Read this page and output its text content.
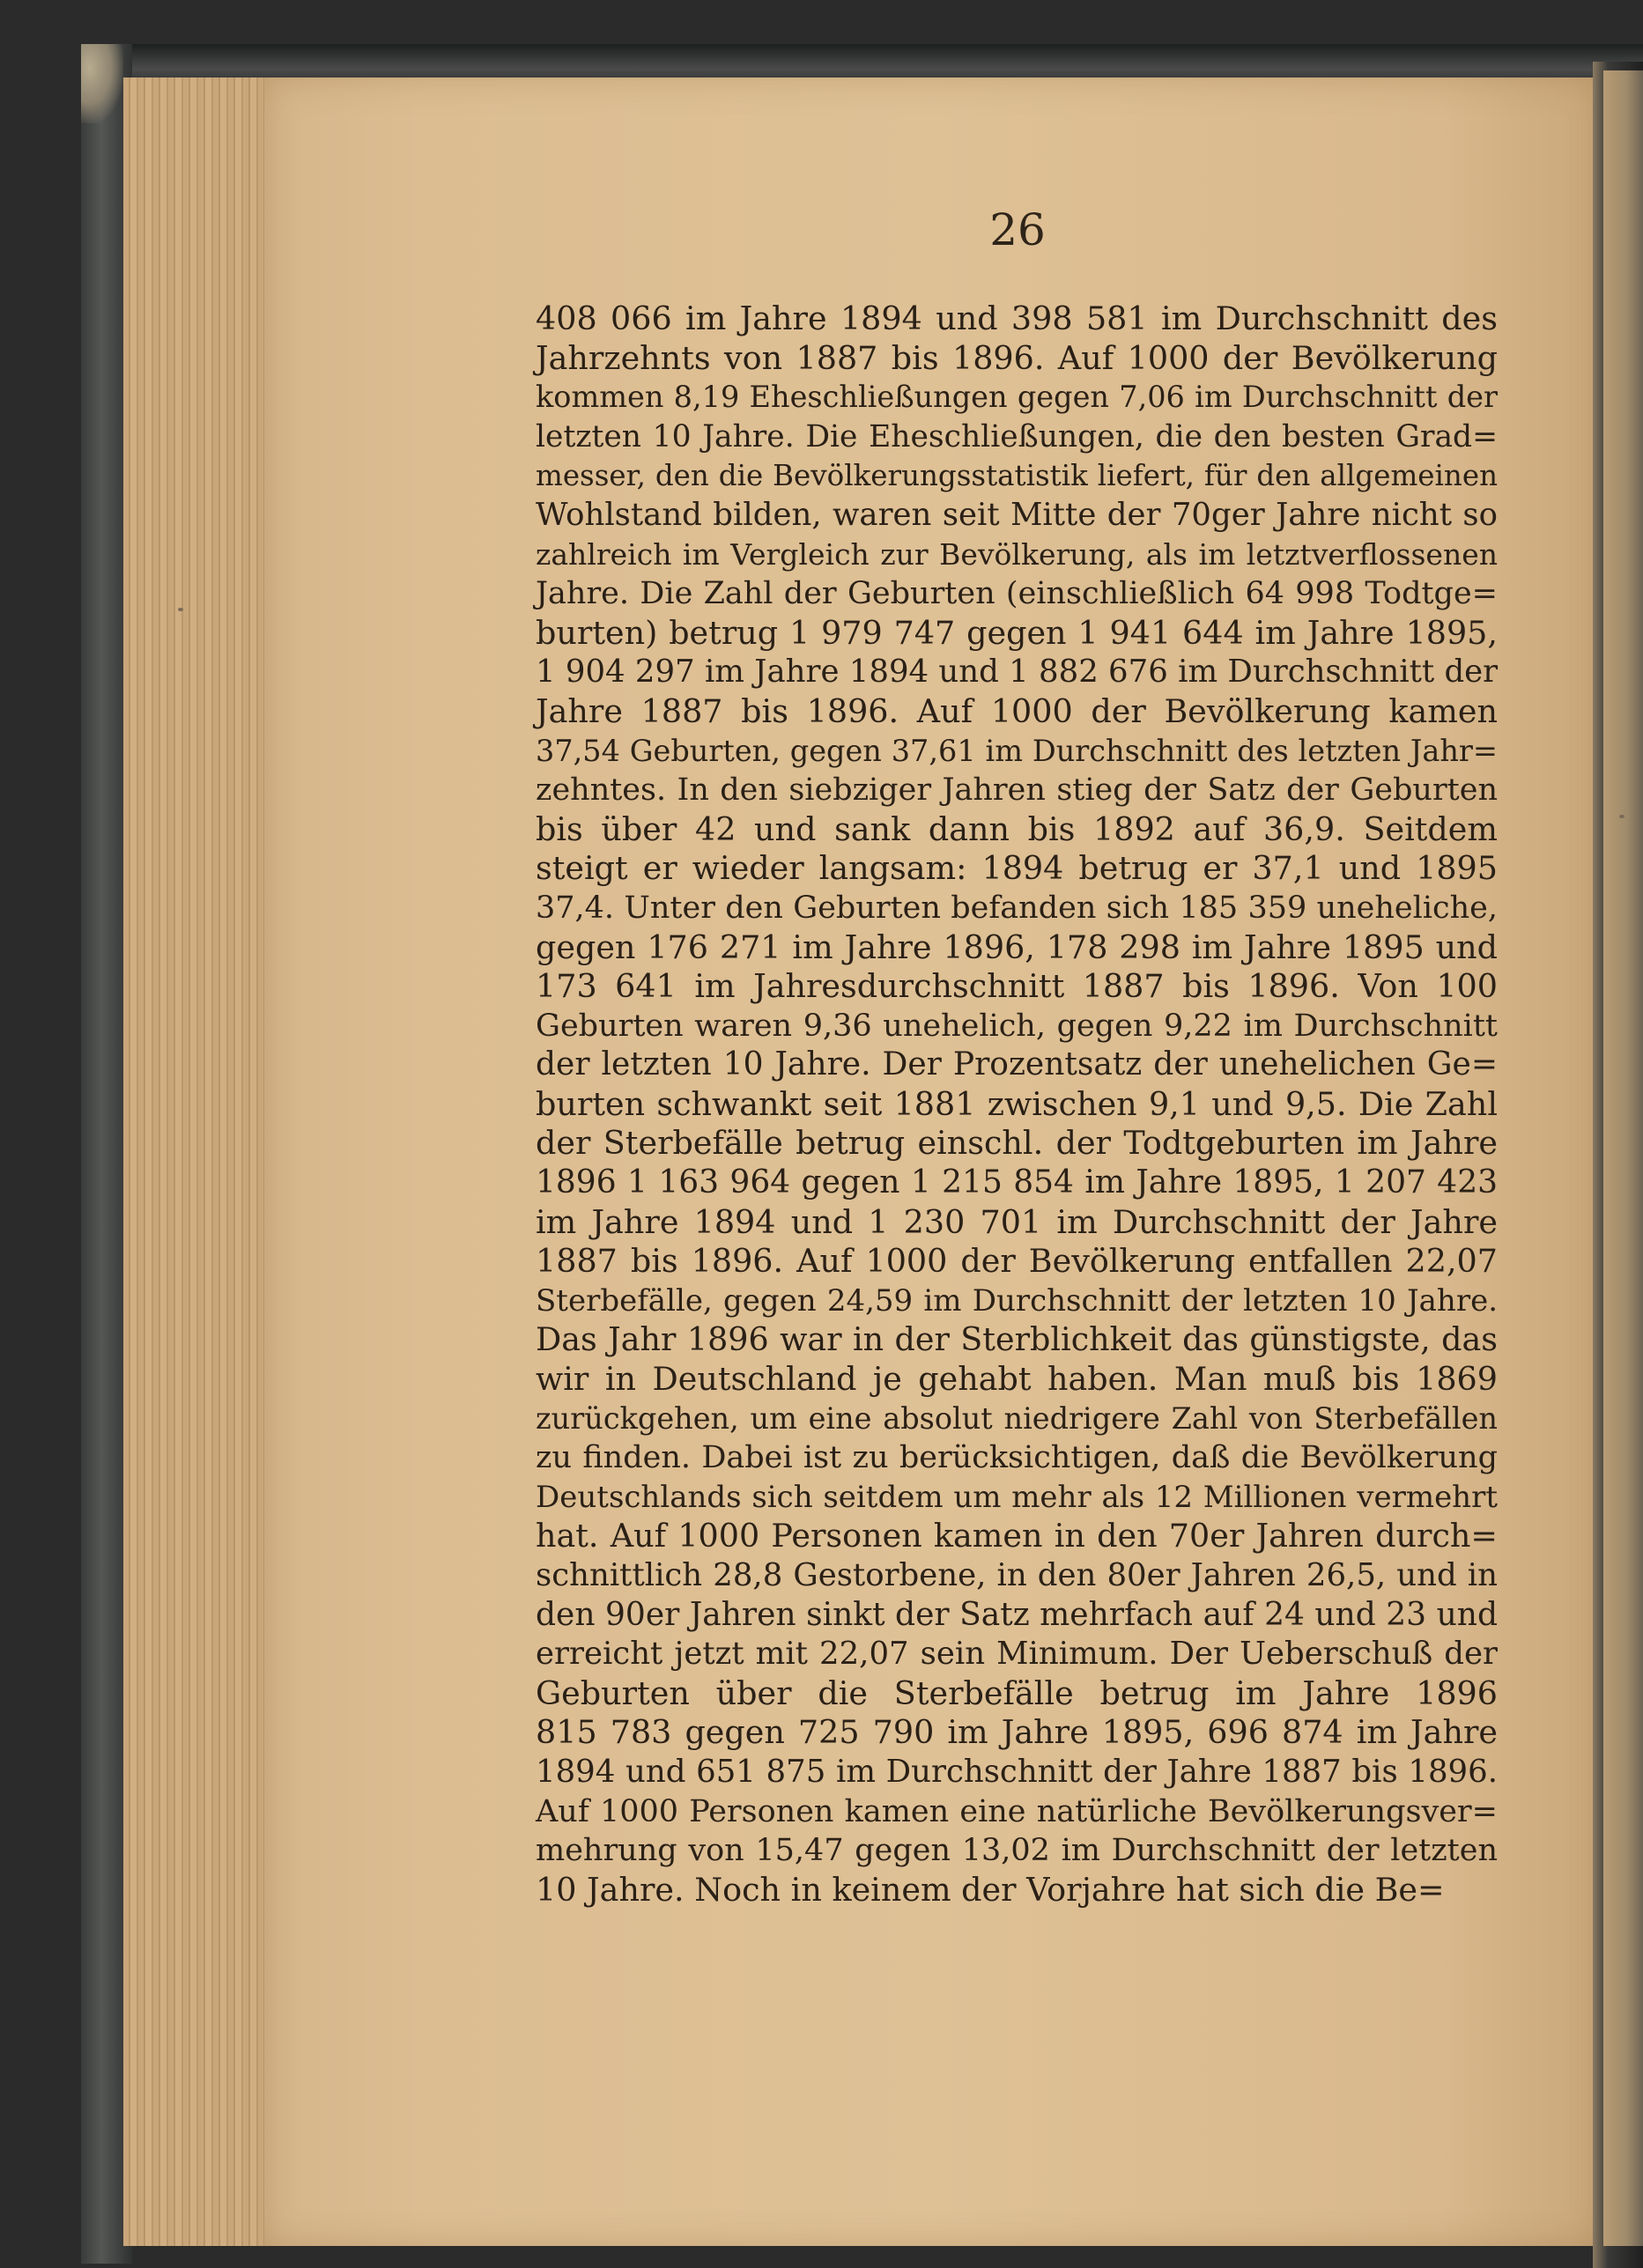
26
408 066 im Jahre 1894 und 398 581 im Durchschnitt des
Jahrzehnts von 1887 bis 1896. Auf 1000 der Bevölkerung
kommen 8,19 Eheschließungen gegen 7,06 im Durchschnitt der
letzten 10 Jahre. Die Eheschließungen, die den besten Grad=
messer, den die Bevölkerungsstatistik liefert, für den allgemeinen
Wohlstand bilden, waren seit Mitte der 70ger Jahre nicht so
zahlreich im Vergleich zur Bevölkerung, als im letztverflossenen
Jahre. Die Zahl der Geburten (einschließlich 64 998 Todtge=
burten) betrug 1 979 747 gegen 1 941 644 im Jahre 1895,
1 904 297 im Jahre 1894 und 1 882 676 im Durchschnitt der
Jahre 1887 bis 1896. Auf 1000 der Bevölkerung kamen
37,54 Geburten, gegen 37,61 im Durchschnitt des letzten Jahr=
zehntes. In den siebziger Jahren stieg der Satz der Geburten
bis über 42 und sank dann bis 1892 auf 36,9. Seitdem
steigt er wieder langsam: 1894 betrug er 37,1 und 1895
37,4. Unter den Geburten befanden sich 185 359 uneheliche,
gegen 176 271 im Jahre 1896, 178 298 im Jahre 1895 und
173 641 im Jahresdurchschnitt 1887 bis 1896. Von 100
Geburten waren 9,36 unehelich, gegen 9,22 im Durchschnitt
der letzten 10 Jahre. Der Prozentsatz der unehelichen Ge=
burten schwankt seit 1881 zwischen 9,1 und 9,5. Die Zahl
der Sterbefälle betrug einschl. der Todtgeburten im Jahre
1896 1 163 964 gegen 1 215 854 im Jahre 1895, 1 207 423
im Jahre 1894 und 1 230 701 im Durchschnitt der Jahre
1887 bis 1896. Auf 1000 der Bevölkerung entfallen 22,07
Sterbefälle, gegen 24,59 im Durchschnitt der letzten 10 Jahre.
Das Jahr 1896 war in der Sterblichkeit das günstigste, das
wir in Deutschland je gehabt haben. Man muß bis 1869
zurückgehen, um eine absolut niedrigere Zahl von Sterbefällen
zu finden. Dabei ist zu berücksichtigen, daß die Bevölkerung
Deutschlands sich seitdem um mehr als 12 Millionen vermehrt
hat. Auf 1000 Personen kamen in den 70er Jahren durch=
schnittlich 28,8 Gestorbene, in den 80er Jahren 26,5, und in
den 90er Jahren sinkt der Satz mehrfach auf 24 und 23 und
erreicht jetzt mit 22,07 sein Minimum. Der Ueberschuß der
Geburten über die Sterbefälle betrug im Jahre 1896
815 783 gegen 725 790 im Jahre 1895, 696 874 im Jahre
1894 und 651 875 im Durchschnitt der Jahre 1887 bis 1896.
Auf 1000 Personen kamen eine natürliche Bevölkerungsver=
mehrung von 15,47 gegen 13,02 im Durchschnitt der letzten
10 Jahre. Noch in keinem der Vorjahre hat sich die Be=
